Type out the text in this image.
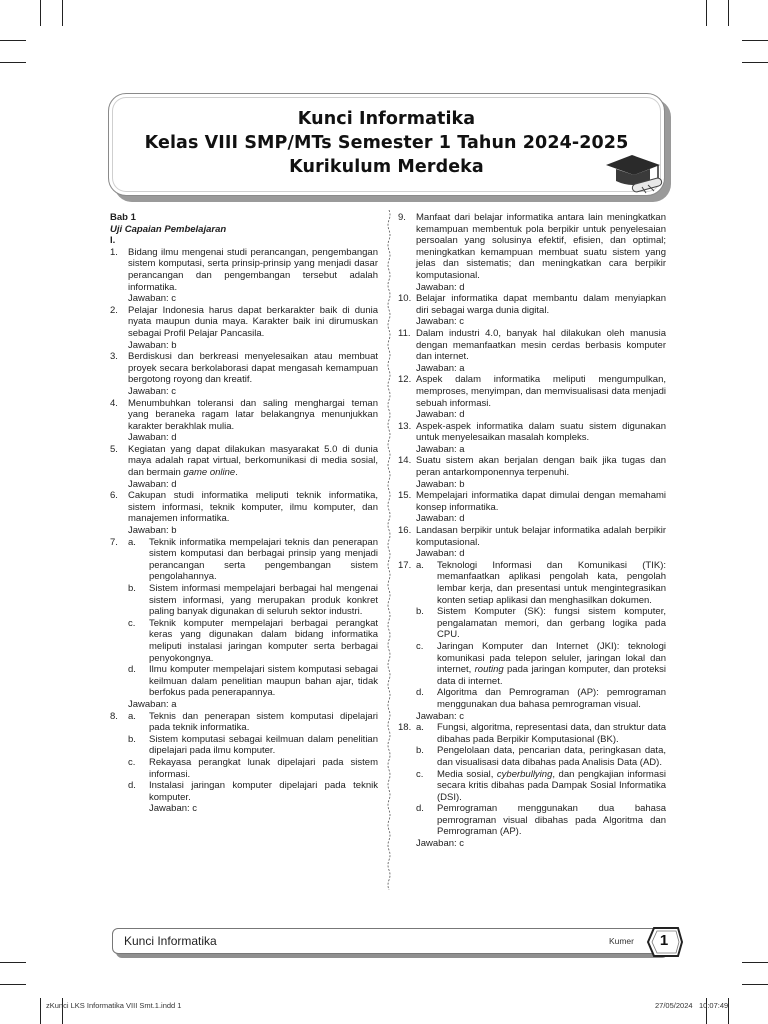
Kunci Informatika
Kelas VIII SMP/MTs Semester 1 Tahun 2024-2025
Kurikulum Merdeka
Bab 1
Uji Capaian Pembelajaran
I.
1.	Bidang ilmu mengenai studi perancangan, pengembangan sistem komputasi, serta prinsip-prinsip yang menjadi dasar perancangan dan pengembangan tersebut adalah informatika.
Jawaban: c
2.	Pelajar Indonesia harus dapat berkarakter baik di dunia nyata maupun dunia maya. Karakter baik ini dirumuskan sebagai Profil Pelajar Pancasila.
Jawaban: b
3.	Berdiskusi dan berkreasi menyelesaikan atau membuat proyek secara berkolaborasi dapat mengasah kemampuan bergotong royong dan kreatif.
Jawaban: c
4.	Menumbuhkan toleransi dan saling menghargai teman yang beraneka ragam latar belakangnya menunjukkan karakter berakhlak mulia.
Jawaban: d
5.	Kegiatan yang dapat dilakukan masyarakat 5.0 di dunia maya adalah rapat virtual, berkomunikasi di media sosial, dan bermain game online.
Jawaban: d
6.	Cakupan studi informatika meliputi teknik informatika, sistem informasi, teknik komputer, ilmu komputer, dan manajemen informatika.
Jawaban: b
7.	a.	Teknik informatika mempelajari teknis dan penerapan sistem komputasi dan berbagai prinsip yang menjadi perancangan serta pengembangan sistem pengolahannya.
b.	Sistem informasi mempelajari berbagai hal mengenai sistem informasi, yang merupakan produk konkret paling banyak digunakan di seluruh sektor industri.
c.	Teknik komputer mempelajari berbagai perangkat keras yang digunakan dalam bidang informatika meliputi instalasi jaringan komputer serta berbagai penyokongnya.
d.	Ilmu komputer mempelajari sistem komputasi sebagai keilmuan dalam penelitian maupun bahan ajar, tidak berfokus pada penerapannya.
Jawaban: a
8.	a.	Teknis dan penerapan sistem komputasi dipelajari pada teknik informatika.
b.	Sistem komputasi sebagai keilmuan dalam penelitian dipelajari pada ilmu komputer.
c.	Rekayasa perangkat lunak dipelajari pada sistem informasi.
d.	Instalasi jaringan komputer dipelajari pada teknik komputer.
Jawaban: c
9.	Manfaat dari belajar informatika antara lain meningkatkan kemampuan membentuk pola berpikir untuk penyelesaian persoalan yang solusinya efektif, efisien, dan optimal; meningkatkan kemampuan membuat suatu sistem yang jelas dan sistematis; dan meningkatkan cara berpikir komputasional.
Jawaban: d
10. Belajar informatika dapat membantu dalam menyiapkan diri sebagai warga dunia digital.
Jawaban: c
11. Dalam industri 4.0, banyak hal dilakukan oleh manusia dengan memanfaatkan mesin cerdas berbasis komputer dan internet.
Jawaban: a
12. Aspek dalam informatika meliputi mengumpulkan, memproses, menyimpan, dan memvisualisasi data menjadi sebuah informasi.
Jawaban: d
13. Aspek-aspek informatika dalam suatu sistem digunakan untuk menyelesaikan masalah kompleks.
Jawaban: a
14. Suatu sistem akan berjalan dengan baik jika tugas dan peran antarkomponennya terpenuhi.
Jawaban: b
15. Mempelajari informatika dapat dimulai dengan memahami konsep informatika.
Jawaban: d
16. Landasan berpikir untuk belajar informatika adalah berpikir komputasional.
Jawaban: d
17. a.	Teknologi Informasi dan Komunikasi (TIK): memanfaatkan aplikasi pengolah kata, pengolah lembar kerja, dan presentasi untuk mengintegrasikan konten setiap aplikasi dan menghasilkan dokumen.
b.	Sistem Komputer (SK): fungsi sistem komputer, pengalamatan memori, dan gerbang logika pada CPU.
c.	Jaringan Komputer dan Internet (JKI): teknologi komunikasi pada telepon seluler, jaringan lokal dan internet, routing pada jaringan komputer, dan proteksi data di internet.
d.	Algoritma dan Pemrograman (AP): pemrograman menggunakan dua bahasa pemrograman visual.
Jawaban: c
18. a.	Fungsi, algoritma, representasi data, dan struktur data dibahas pada Berpikir Komputasional (BK).
b.	Pengelolaan data, pencarian data, peringkasan data, dan visualisasi data dibahas pada Analisis Data (AD).
c.	Media sosial, cyberbullying, dan pengkajian informasi secara kritis dibahas pada Dampak Sosial Informatika (DSI).
d.	Pemrograman menggunakan dua bahasa pemrograman visual dibahas pada Algoritma dan Pemrograman (AP).
Jawaban: c
Kunci Informatika	Kumer 1
zKunci LKS Informatika VIII Smt.1.indd 1	27/05/2024 10:07:49
